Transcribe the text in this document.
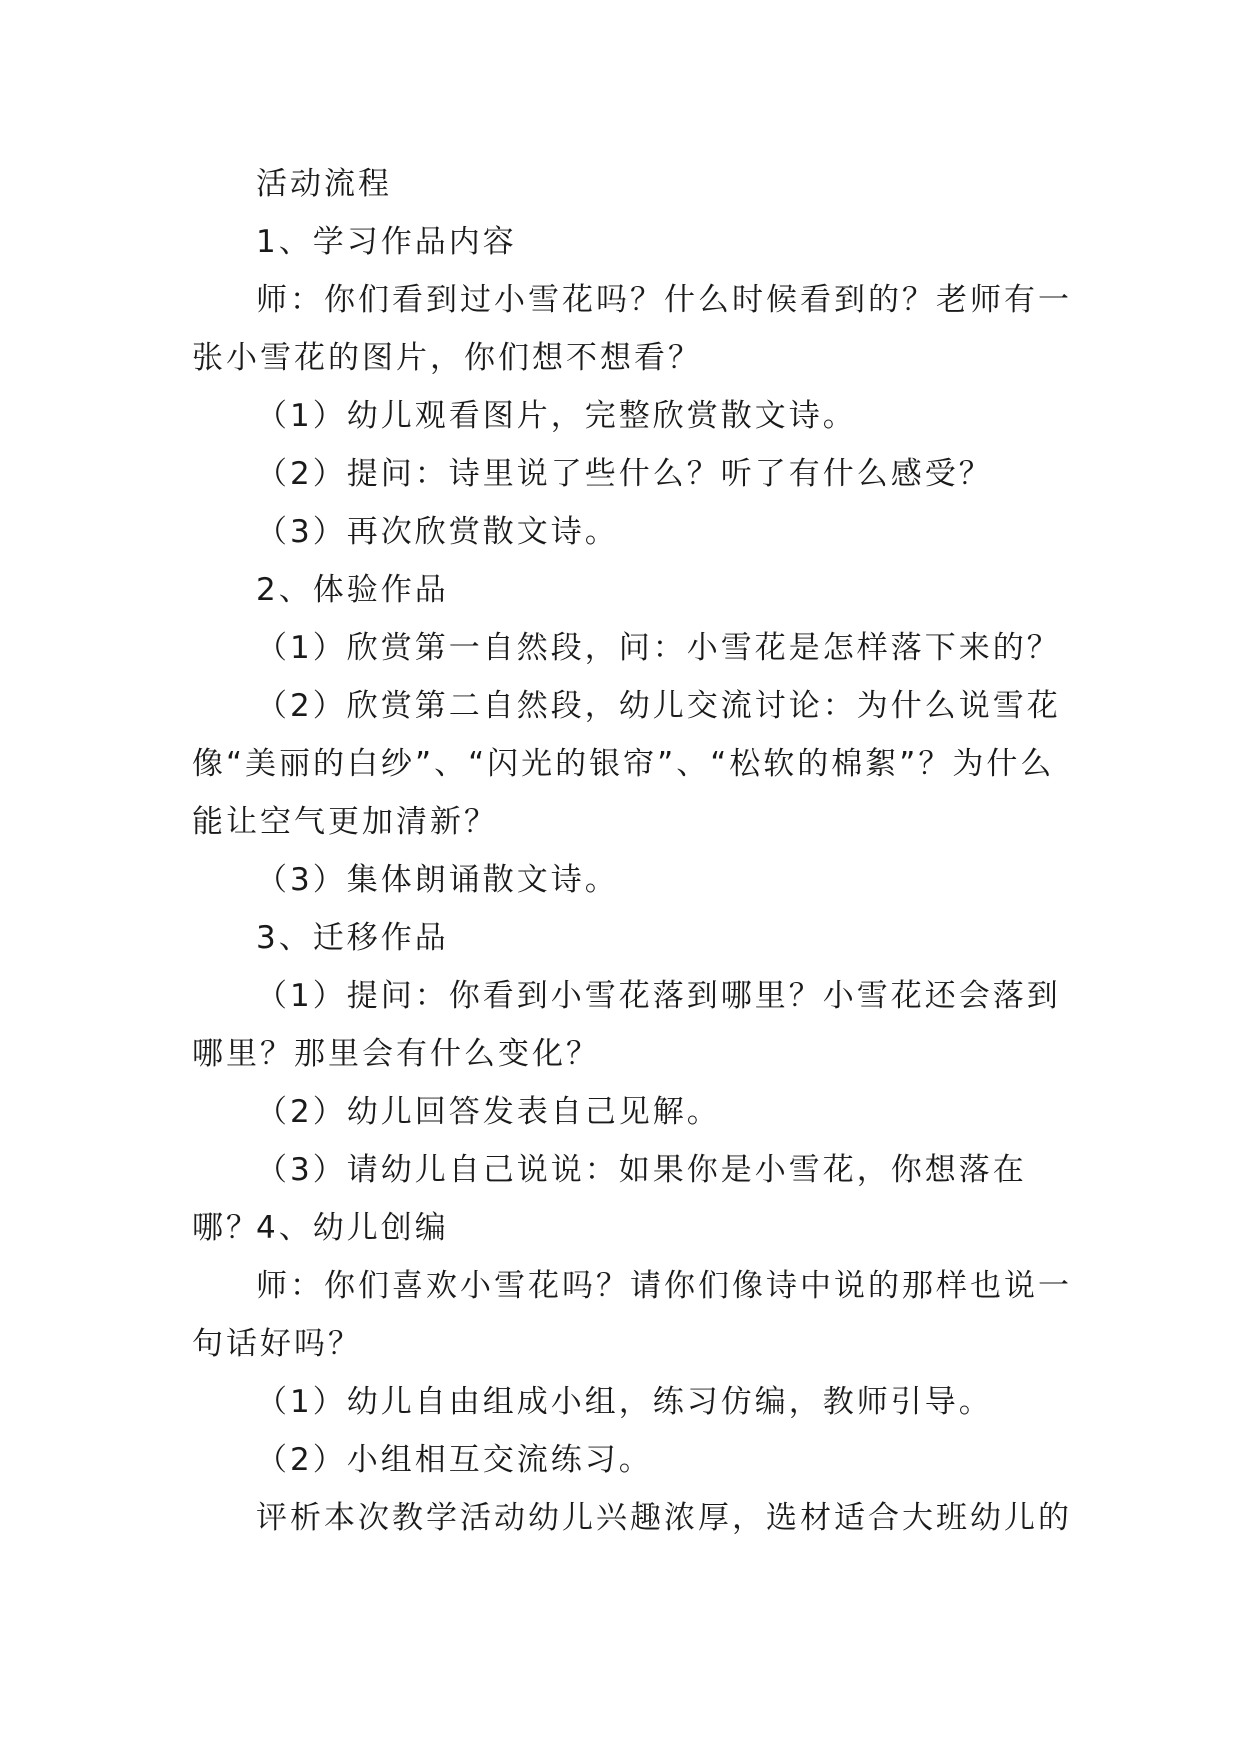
活动流程

1、学习作品内容

师：你们看到过小雪花吗？什么时候看到的？老师有一张小雪花的图片，你们想不想看？

（1）幼儿观看图片，完整欣赏散文诗。

（2）提问：诗里说了些什么？听了有什么感受？

（3）再次欣赏散文诗。

2、体验作品

（1）欣赏第一自然段，问：小雪花是怎样落下来的？

（2）欣赏第二自然段，幼儿交流讨论：为什么说雪花像“美丽的白纱”、“闪光的银帘”、“松软的棉絮”？为什么能让空气更加清新？

（3）集体朗诵散文诗。

3、迁移作品

（1）提问：你看到小雪花落到哪里？小雪花还会落到哪里？那里会有什么变化？

（2）幼儿回答发表自己见解。

（3）请幼儿自己说说：如果你是小雪花，你想落在哪？

4、幼儿创编

师：你们喜欢小雪花吗？请你们像诗中说的那样也说一句话好吗？

（1）幼儿自由组成小组，练习仿编，教师引导。

（2）小组相互交流练习。

评析本次教学活动幼儿兴趣浓厚，选材适合大班幼儿的
